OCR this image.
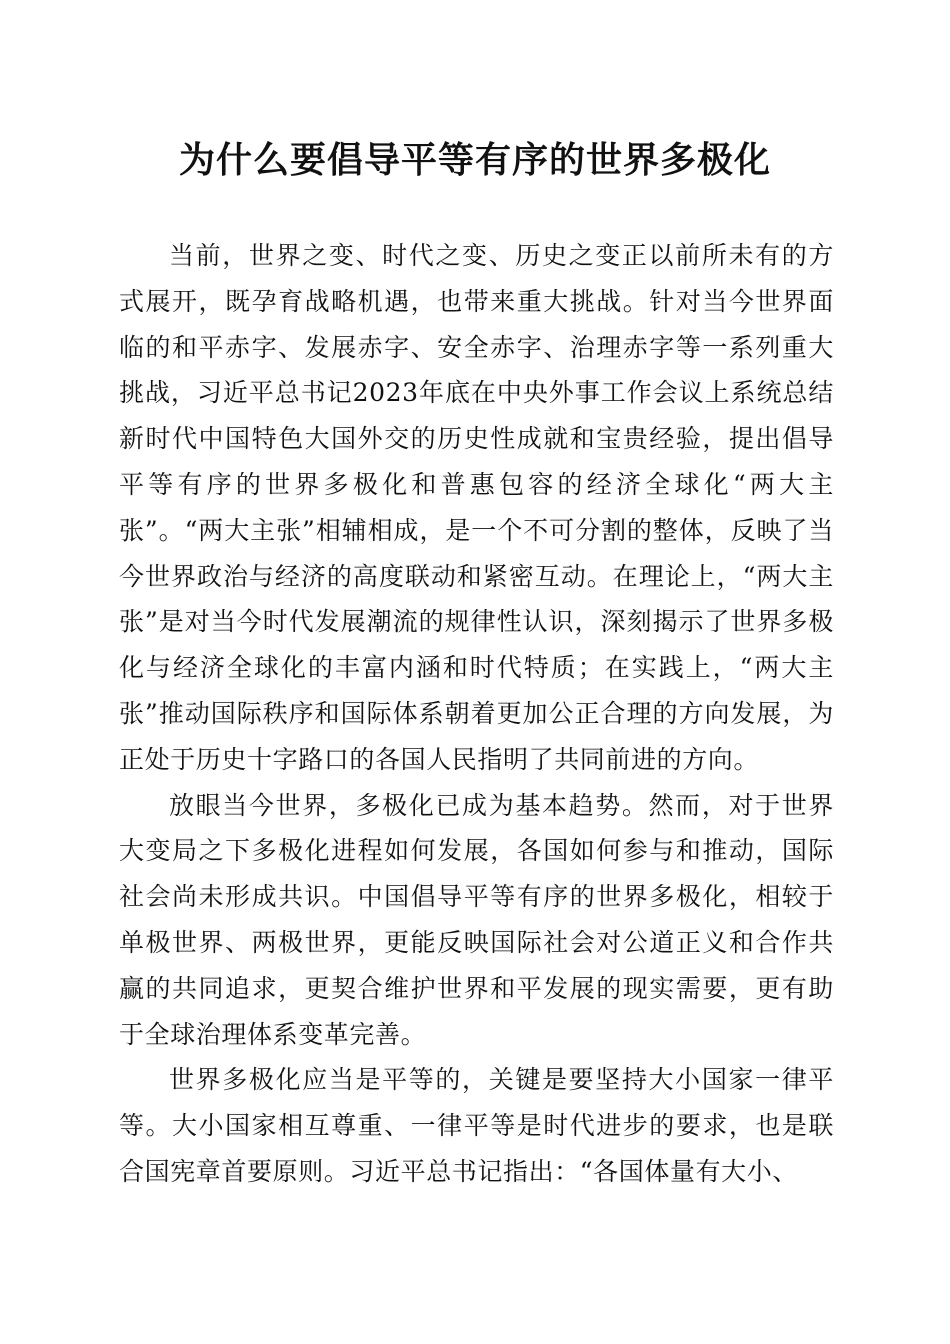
为什么要倡导平等有序的世界多极化

当前，世界之变、时代之变、历史之变正以前所未有的方式展开，既孕育战略机遇，也带来重大挑战。针对当今世界面临的和平赤字、发展赤字、安全赤字、治理赤字等一系列重大挑战，习近平总书记2023年底在中央外事工作会议上系统总结新时代中国特色大国外交的历史性成就和宝贵经验，提出倡导平等有序的世界多极化和普惠包容的经济全球化“两大主张”。“两大主张”相辅相成，是一个不可分割的整体，反映了当今世界政治与经济的高度联动和紧密互动。在理论上，“两大主张”是对当今时代发展潮流的规律性认识，深刻揭示了世界多极化与经济全球化的丰富内涵和时代特质；在实践上，“两大主张”推动国际秩序和国际体系朝着更加公正合理的方向发展，为正处于历史十字路口的各国人民指明了共同前进的方向。

放眼当今世界，多极化已成为基本趋势。然而，对于世界大变局之下多极化进程如何发展，各国如何参与和推动，国际社会尚未形成共识。中国倡导平等有序的世界多极化，相较于单极世界、两极世界，更能反映国际社会对公道正义和合作共赢的共同追求，更契合维护世界和平发展的现实需要，更有助于全球治理体系变革完善。

世界多极化应当是平等的，关键是要坚持大小国家一律平等。大小国家相互尊重、一律平等是时代进步的要求，也是联合国宪章首要原则。习近平总书记指出：“各国体量有大小、
